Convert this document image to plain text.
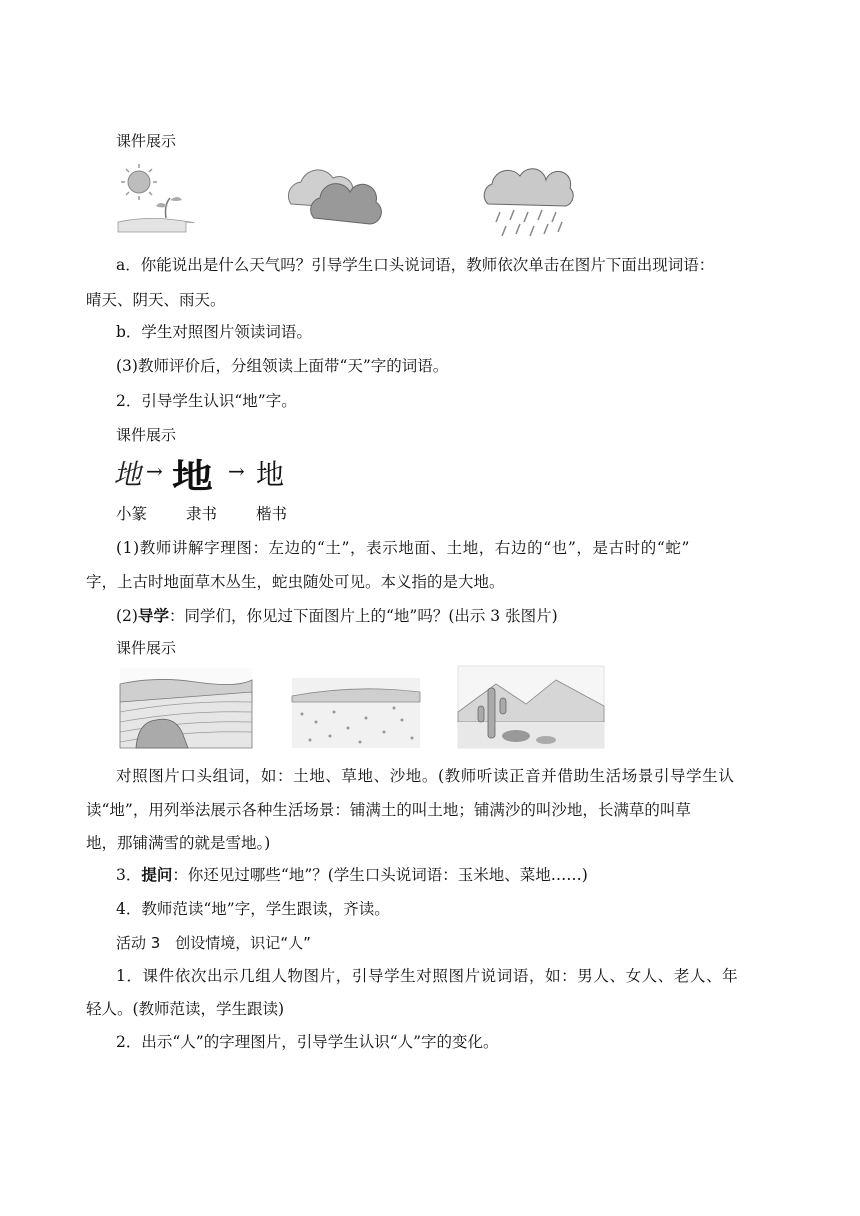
课件展示
a．你能说出是什么天气吗？引导学生口头说词语，教师依次单击在图片下面出现词语：
晴天、阴天、雨天。
b．学生对照图片领读词语。
(3)教师评价后，分组领读上面带“天”字的词语。
2．引导学生认识“地”字。
课件展示
地
→ 地 → 地
小篆	隶书	楷书
(1)教师讲解字理图：左边的“土”，表示地面、土地，右边的“也”，是古时的“蛇”
字，上古时地面草木丛生，蛇虫随处可见。本义指的是大地。
(2)导学：同学们，你见过下面图片上的“地”吗？(出示 3 张图片)
课件展示
对照图片口头组词，如：土地、草地、沙地。(教师听读正音并借助生活场景引导学生认
读“地”，用列举法展示各种生活场景：铺满土的叫土地；铺满沙的叫沙地，长满草的叫草
地，那铺满雪的就是雪地。)
3．提问：你还见过哪些“地”？(学生口头说词语：玉米地、菜地……)
4．教师范读“地”字，学生跟读，齐读。
活动 3　创设情境，识记“人”
1．课件依次出示几组人物图片，引导学生对照图片说词语，如：男人、女人、老人、年
轻人。(教师范读，学生跟读)
2．出示“人”的字理图片，引导学生认识“人”字的变化。
